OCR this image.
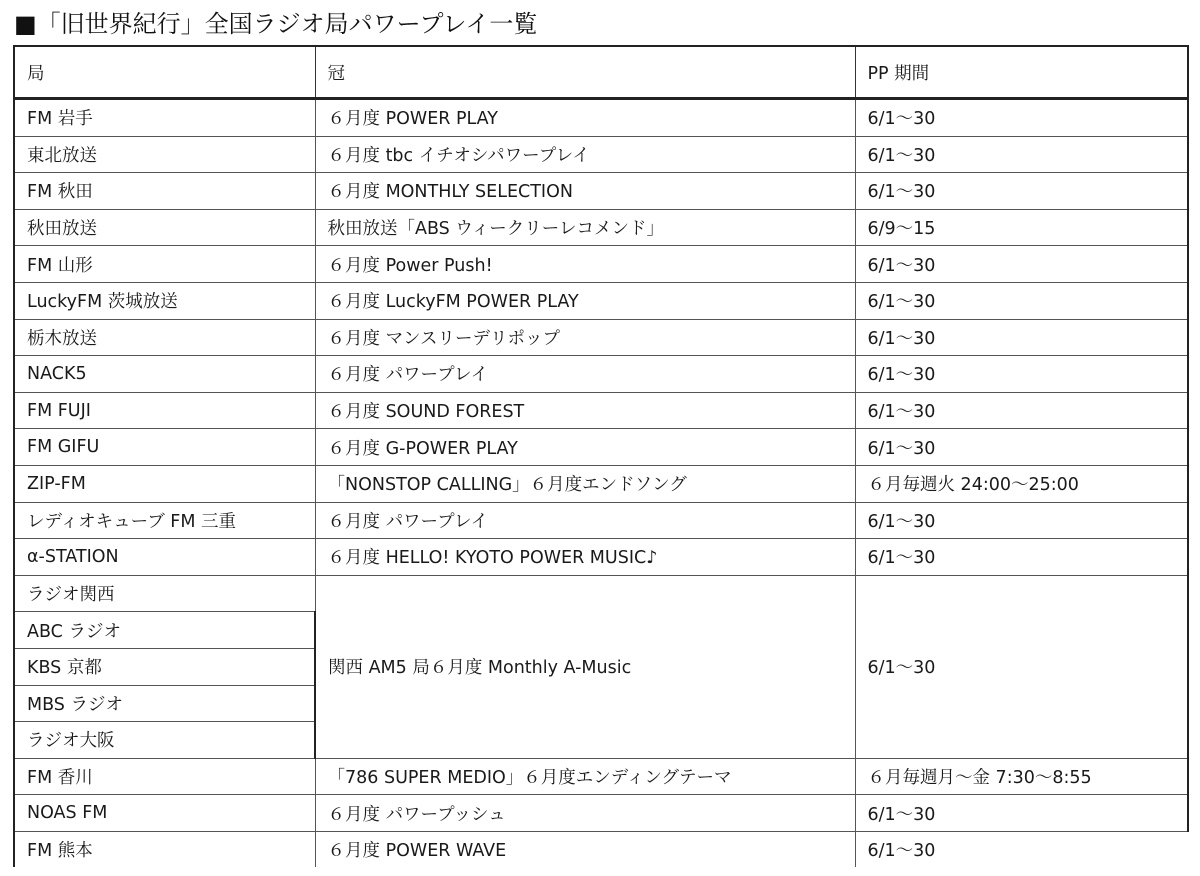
■「旧世界紀行」全国ラジオ局パワープレイ一覧
局	冠	PP 期間
FM 岩手	６月度 POWER PLAY	6/1～30
東北放送	６月度 tbc イチオシパワープレイ	6/1～30
FM 秋田	６月度 MONTHLY SELECTION	6/1～30
秋田放送	秋田放送「ABS ウィークリーレコメンド」	6/9～15
FM 山形	６月度 Power Push!	6/1～30
LuckyFM 茨城放送	６月度 LuckyFM POWER PLAY	6/1～30
栃木放送	６月度 マンスリーデリポップ	6/1～30
NACK5	６月度 パワープレイ	6/1～30
FM FUJI	６月度 SOUND FOREST	6/1～30
FM GIFU	６月度 G-POWER PLAY	6/1～30
ZIP-FM	「NONSTOP CALLING」６月度エンドソング	６月毎週火 24:00～25:00
レディオキューブ FM 三重	６月度 パワープレイ	6/1～30
α-STATION	６月度 HELLO! KYOTO POWER MUSIC♪	6/1～30
ラジオ関西	関西 AM5 局６月度 Monthly A-Music	6/1～30
ABC ラジオ		
KBS 京都		
MBS ラジオ		
ラジオ大阪		
FM 香川	「786 SUPER MEDIO」６月度エンディングテーマ	６月毎週月～金 7:30～8:55
NOAS FM	６月度 パワープッシュ	6/1～30
FM 熊本	６月度 POWER WAVE	6/1～30
